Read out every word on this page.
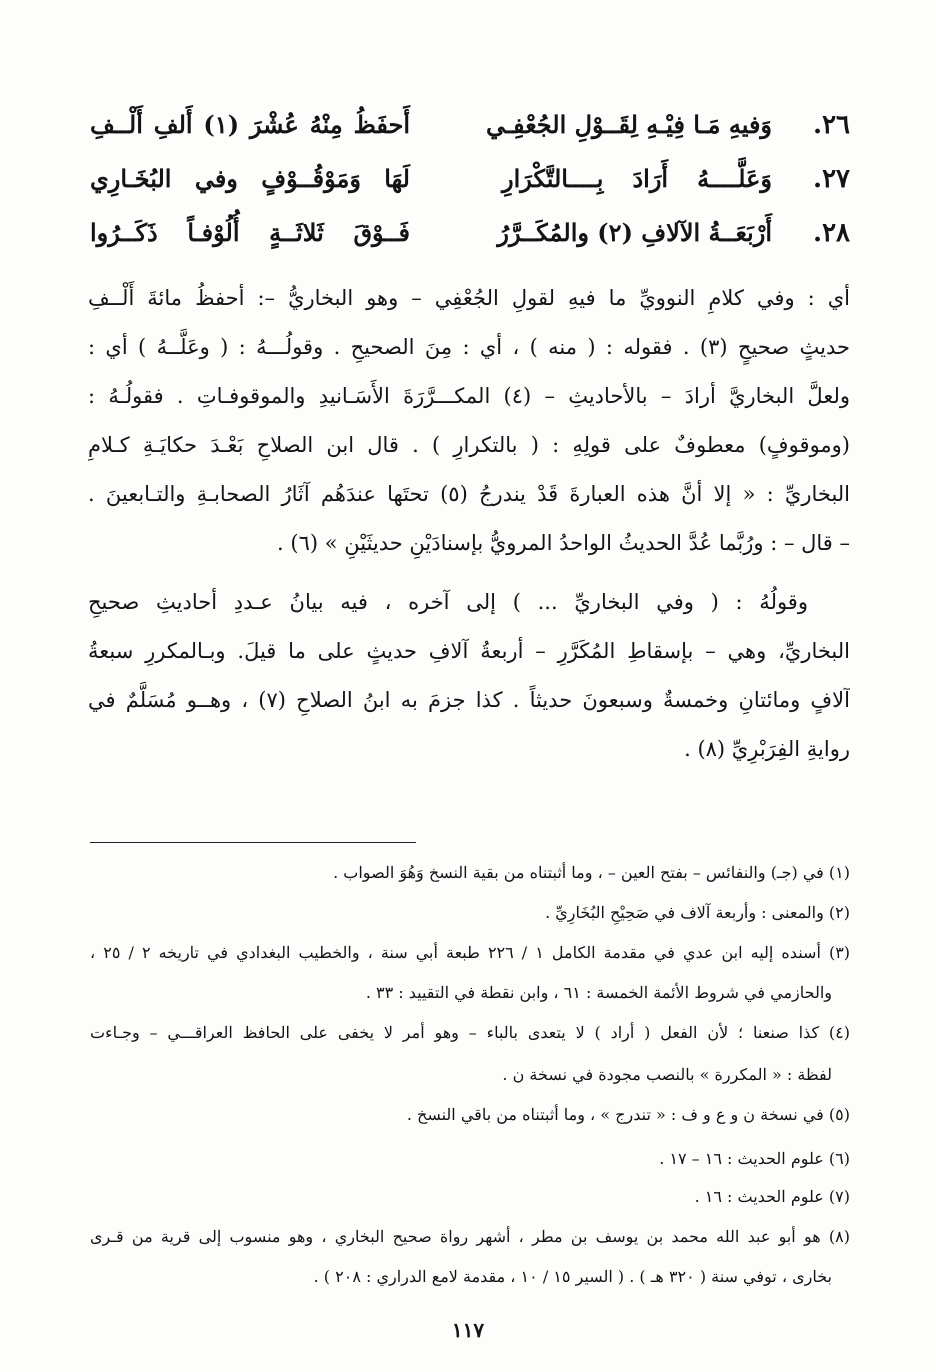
٢٦.
وَفيهِ مَـا فِيْـهِ لِقَــوْلِ الجُعْفِـي
أَحفَظُ مِنْهُ عُشْرَ (١) أَلفِ أَلْــفِ
٢٧.
وَعَلَّــــهُ أَرَادَ بِــــالتَّكْرَارِ
لَهَا وَمَوْقُــوْفٍ وفي البُخَـارِي
٢٨.
أَرْبَعَــةُ الآلافِ (٢) والمُكَــرَّرُ
فَــوْقَ ثَلاثَــةٍ أُلُوْفـاً ذَكَــرُوا
أي : وفي كلامِ النوويِّ ما فيهِ لقولِ الجُعْفِي – وهو البخاريُّ –: أحفظُ مائةَ أَلْــفِ
حديثٍ صحيحٍ (٣) . فقوله : ( منه ) ، أي : مِنَ الصحيحِ . وقولُـــهُ : ( وعَلَّــهُ ) أي :
ولعلَّ البخاريَّ أرادَ – بالأحاديثِ – (٤) المكـــرَّرَةَ الأَسَـانيدِ والموقوفـاتِ . فقولُـهُ :
(وموقوفٍ) معطوفٌ على قولِهِ : ( بالتكرارِ ) . قال ابن الصلاحِ بَعْـدَ حكايَـةِ كـلامِ
البخاريِّ : « إلا أنَّ هذه العبارةَ قَدْ يندرجُ (٥) تحتَها عندَهُم آثَارُ الصحابـةِ والتـابعينَ .
– قال – : ورُبَّما عُدَّ الحديثُ الواحدُ المرويُّ بإسنادَيْنِ حديثَيْنِ » (٦) .
وقولُهُ : ( وفي البخاريِّ ... ) إلى آخره ، فيه بيانُ عـددِ أحاديثِ صحيحِ
البخاريِّ، وهي – بإسقاطِ المُكَرَّرِ – أربعةُ آلافِ حديثٍ على ما قيلَ. وبـالمكررِ سبعةُ
آلافٍ ومائتانِ وخمسةٌ وسبعونَ حديثاً . كذا جزمَ به ابنُ الصلاحِ (٧) ، وهــو مُسَلَّمٌ في
روايةِ الفِرَبْرِيِّ (٨) .
(١) في (جـ) والنفائس – بفتح العين – ، وما أثبتناه من بقية النسخ وَهُوَ الصواب .
(٢) والمعنى : وأربعة آلاف في صَحِيْحِ البُخَارِيِّ .
(٣) أسنده إليه ابن عدي في مقدمة الكامل ١ / ٢٢٦ طبعة أبي سنة ، والخطيب البغدادي في تاريخه ٢ / ٢٥ ،
والحازمي في شروط الأئمة الخمسة : ٦١ ، وابن نقطة في التقييد : ٣٣ .
(٤) كذا صنعنا ؛ لأن الفعل ( أراد ) لا يتعدى بالباء – وهو أمر لا يخفى على الحافظ العراقـــي – وجـاءت
لفظة : « المكررة » بالنصب مجودة في نسخة ن .
(٥) في نسخة ن و ع و ف : « تندرج » ، وما أثبتناه من باقي النسخ .
(٦) علوم الحديث : ١٦ – ١٧ .
(٧) علوم الحديث : ١٦ .
(٨) هو أبو عبد الله محمد بن يوسف بن مطر ، أشهر رواة صحيح البخاري ، وهو منسوب إلى قرية من قـرى
بخارى ، توفي سنة ( ٣٢٠ هـ ) . ( السير ١٥ / ١٠ ، مقدمة لامع الدراري : ٢٠٨ ) .
١١٧
